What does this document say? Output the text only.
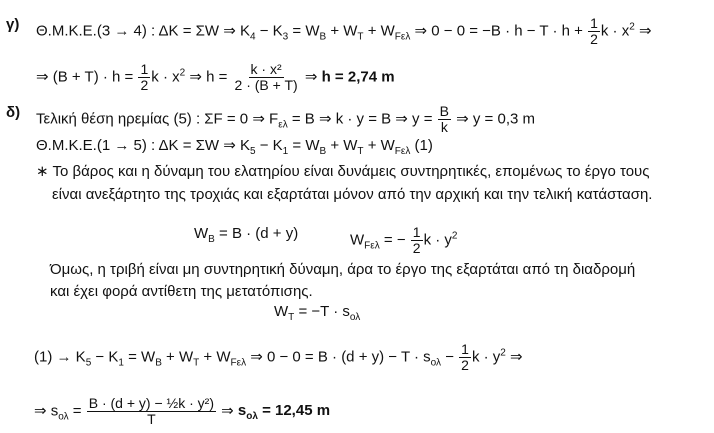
γ) Θ.Μ.Κ.Ε.(3 → 4) : ΔK = ΣW ⇒ $K_4 - K_3 = W_B + W_T + W_{F\varepsilon\lambda}$ ⇒ $0 - 0 = -B \cdot h - T \cdot h + \frac{1}{2}$ $k \cdot x^2$ ⇒
⇒ $(B + T) \cdot h = \frac{1}{2}$ $k \cdot x^2$ ⇒ $h = \frac{\text{k · x²}}{2 \cdot (B + T)}$ ⇒ h = 2,74 m
δ) Τελική θέση ηρεμίας (5) : ΣF = 0 ⇒ $F_{\varepsilon\lambda} = B$ ⇒ k · y = B ⇒ $y = \frac{B}{k}$ ⇒ y = 0,3 m
Θ.Μ.Κ.Ε.(1 → 5) : ΔK = ΣW ⇒ $K_5 - K_1 = W_B + W_T + W_{F\varepsilon\lambda}$ (1)
∗ Το βάρος και η δύναμη του ελατηρίου είναι δυνάμεις συντηρητικές, επομένως το έργο τους
είναι ανεξάρτητο της τροχιάς και εξαρτάται μόνον από την αρχική και την τελική κατάσταση.
$W_B = B \cdot (d + y)$	$W_{F\varepsilon\lambda}$ = − $\frac{1}{2}$ $k \cdot y^2$
Όμως, η τριβή είναι μη συντηρητική δύναμη, άρα το έργο της εξαρτάται από τη διαδρομή
και έχει φορά αντίθετη της μετατόπισης.
$W_T = -T \cdot s_{o\lambda}$
$(1) \to K_5 - K_1 = W_B + W_T + W_{F\varepsilon\lambda}$ ⇒ $0 - 0 = B \cdot (d + y) - T \cdot s_{o\lambda} - \frac{1}{2}$ $k \cdot y^2$ ⇒
⇒ $s_{o\lambda} = \frac{\text{B · (d + y) − ½k · y²)}}{T}$ ⇒ $s_{o\lambda} = 12,45$ m
